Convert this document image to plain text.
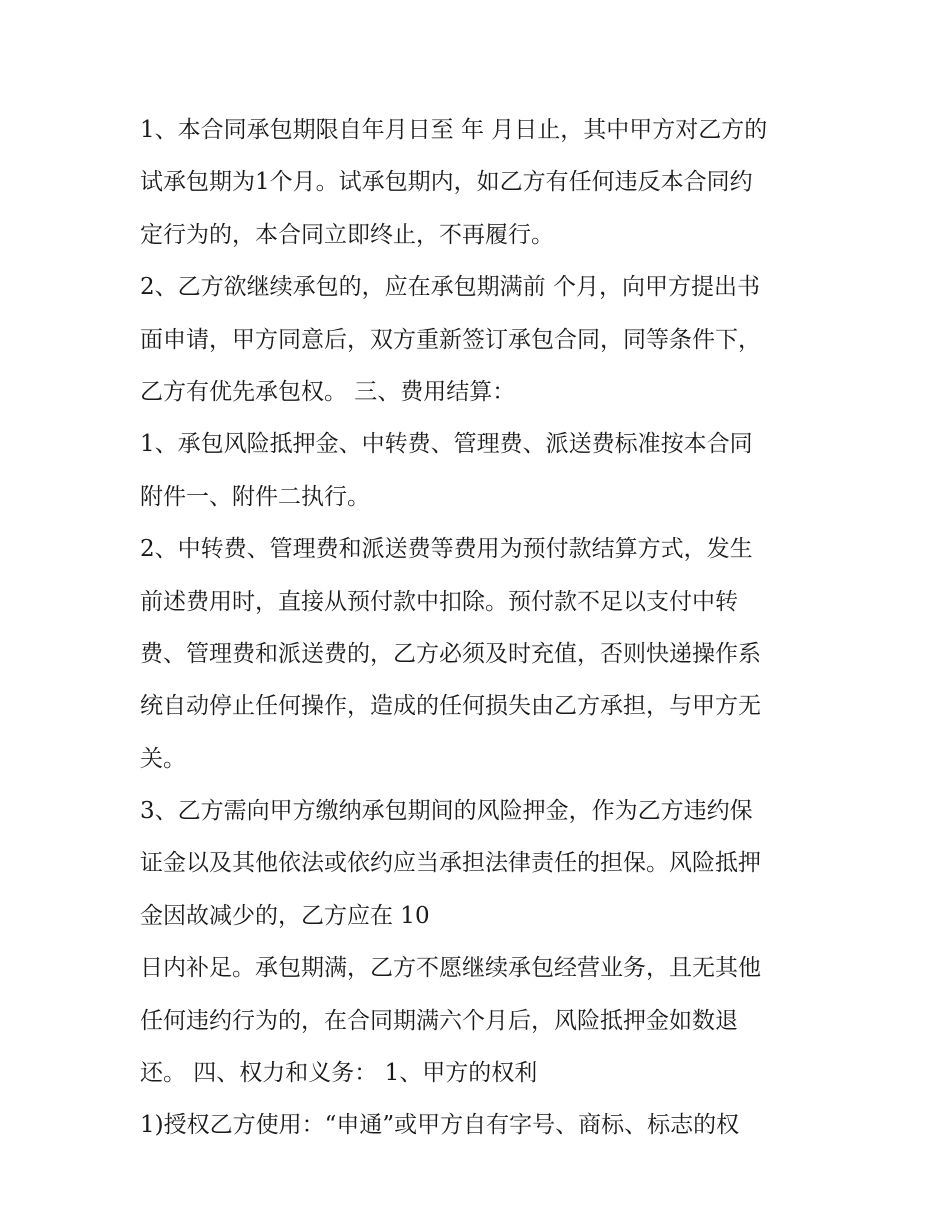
1、本合同承包期限自年月日至 年 月日止，其中甲方对乙方的
试承包期为1个月。试承包期内，如乙方有任何违反本合同约
定行为的，本合同立即终止，不再履行。
2、乙方欲继续承包的，应在承包期满前 个月，向甲方提出书
面申请，甲方同意后，双方重新签订承包合同，同等条件下，
乙方有优先承包权。 三、费用结算：
1、承包风险抵押金、中转费、管理费、派送费标准按本合同
附件一、附件二执行。
2、中转费、管理费和派送费等费用为预付款结算方式，发生
前述费用时，直接从预付款中扣除。预付款不足以支付中转
费、管理费和派送费的，乙方必须及时充值，否则快递操作系
统自动停止任何操作，造成的任何损失由乙方承担，与甲方无
关。
3、乙方需向甲方缴纳承包期间的风险押金，作为乙方违约保
证金以及其他依法或依约应当承担法律责任的担保。风险抵押
金因故减少的，乙方应在 10
日内补足。承包期满，乙方不愿继续承包经营业务，且无其他
任何违约行为的，在合同期满六个月后，风险抵押金如数退
还。 四、权力和义务： 1、甲方的权利
1)授权乙方使用：“申通”或甲方自有字号、商标、标志的权
